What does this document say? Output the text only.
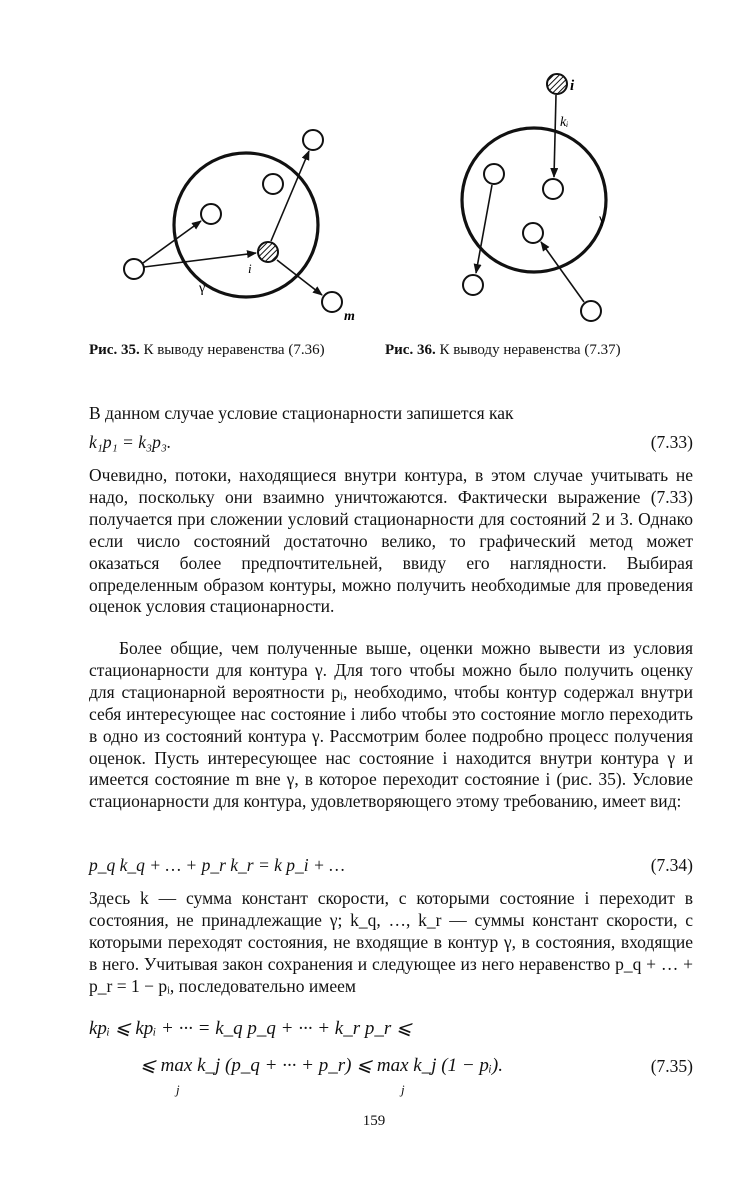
i
m
γ
i
kᵢ
γ
Рис. 35. К выводу неравенства (7.36)	Рис. 36. К выводу неравенства (7.37)

В данном случае условие стационарности запишется как

k₁p₁ = k₃p₃.	(7.33)

Очевидно, потоки, находящиеся внутри контура, в этом случае учитывать не надо, поскольку они взаимно уничтожаются. Фактически выражение (7.33) получается при сложении условий стационарности для состояний 2 и 3. Однако если число состояний достаточно велико, то графический метод может оказаться более предпочтительней, ввиду его наглядности. Выбирая определенным образом контуры, можно получить необходимые для проведения оценок условия стационарности.

Более общие, чем полученные выше, оценки можно вывести из условия стационарности для контура γ. Для того чтобы можно было получить оценку для стационарной вероятности pᵢ, необходимо, чтобы контур содержал внутри себя интересующее нас состояние i либо чтобы это состояние могло переходить в одно из состояний контура γ. Рассмотрим более подробно процесс получения оценок. Пусть интересующее нас состояние i находится внутри контура γ и имеется состояние m вне γ, в которое переходит состояние i (рис. 35). Условие стационарности для контура, удовлетворяющего этому требованию, имеет вид:

p_q k_q + … + p_r k_r = k p_i + …	(7.34)

Здесь k — сумма констант скорости, с которыми состояние i переходит в состояния, не принадлежащие γ; k_q, …, k_r — суммы констант скорости, с которыми переходят состояния, не входящие в контур γ, в состояния, входящие в него. Учитывая закон сохранения и следующее из него неравенство p_q + … + p_r = 1 − pᵢ, последовательно имеем

kpᵢ ⩽ kpᵢ + ··· = k_q p_q + ··· + k_r p_r ⩽
⩽ max k_j (p_q + ··· + p_r) ⩽ max k_j (1 − pᵢ).
j	j
(7.35)
159
